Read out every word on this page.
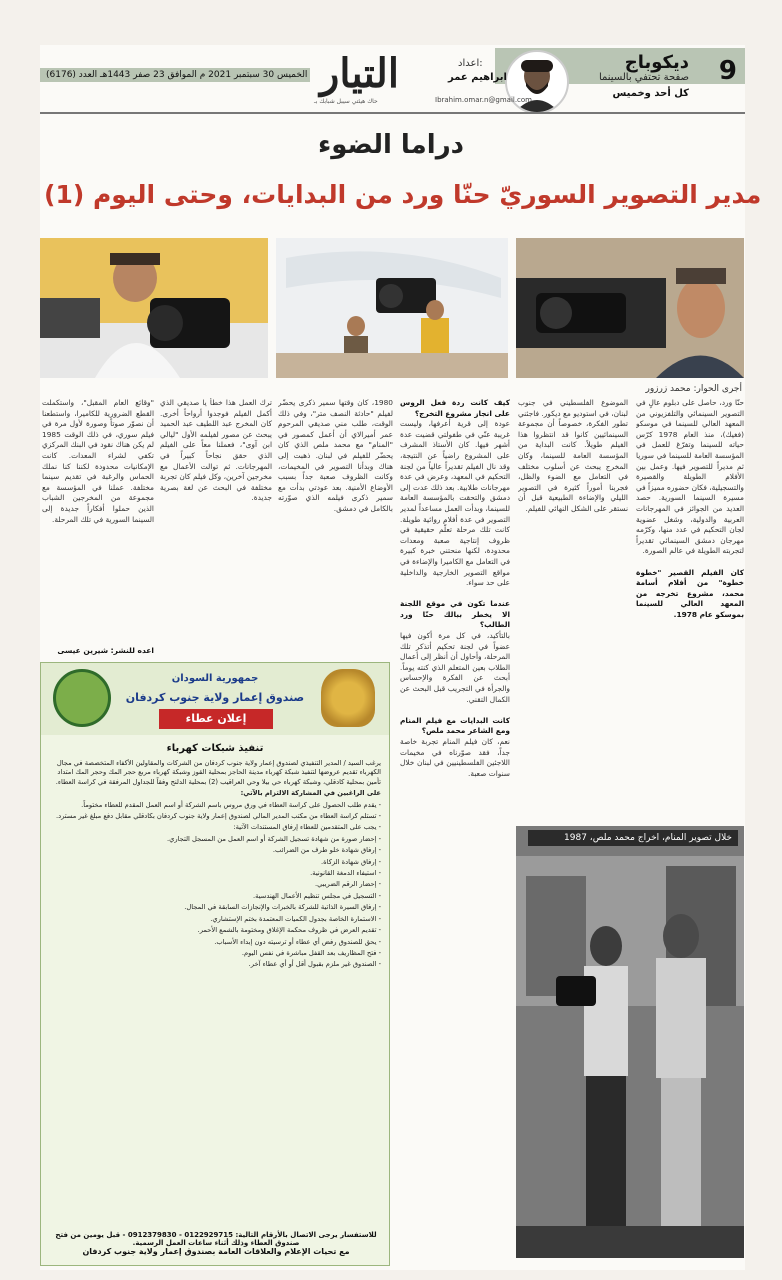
9
ديكوباج
صفحة تحتفي بالسينما
كل أحد وخميس
اعداد:
ابراهيم عمر
Ibrahim.omar.n@gmail.com
التيار
حاك هيئتي سيبل شبابك بـ
الخميس 30 سبتمبر 2021 م الموافق 23 صفر 1443هـ العدد (6176)
دراما الضوء
مدير التصوير السوريّ حنّا ورد من البدايات، وحتى اليوم (1)
أجرى الحوار: محمد زرزور
حنّا ورد، حاصل على دبلوم عالٍ في التصوير السينمائي والتلفزيوني من المعهد العالي للسينما في موسكو (فغيك)، منذ العام 1978 كرّس حياته للسينما وتفرّغ للعمل في المؤسسة العامة للسينما في سوريا ثم مديراً للتصوير فيها. وعمل بين الأفلام الطويلة والقصيرة والتسجيلية، فكان حضوره مميزاً في مسيرة السينما السورية. حصد العديد من الجوائز في المهرجانات العربية والدولية، وشغل عضوية لجان التحكيم في عدد منها، وكرّمه مهرجان دمشق السينمائي تقديراً لتجربته الطويلة في عالم الصورة.

كان الفيلم القصير "خطوة خطوة" من أفلام أسامة محمد، مشروع تخرجه من المعهد العالي للسينما بموسكو عام 1978.
الموضوع الفلسطيني في جنوب لبنان، في استوديو مع ديكور. فاجئني تطور الفكرة، خصوصاً أن مجموعة السينمائيين كانوا قد انتظروا هذا الفيلم طويلاً. كانت البداية من المؤسسة العامة للسينما، وكان المخرج يبحث عن أسلوب مختلف في التعامل مع الضوء والظل، فجربنا أموراً كثيرة في التصوير الليلي والإضاءة الطبيعية قبل أن نستقر على الشكل النهائي للفيلم.
كيف كانت ردة فعل الروس على انجاز مشروع التخرج؟
عودة إلى قرية أعرفها، وليست غريبة عنّي في طفولتي قضيت عدة أشهر فيها. كان الأستاذ المشرف على المشروع راضياً عن النتيجة، وقد نال الفيلم تقديراً عالياً من لجنة التحكيم في المعهد، وعرض في عدة مهرجانات طلابية. بعد ذلك عدت إلى دمشق والتحقت بالمؤسسة العامة للسينما، وبدأت العمل مساعداً لمدير التصوير في عدة أفلام روائية طويلة. كانت تلك مرحلة تعلّم حقيقية في ظروف إنتاجية صعبة ومعدات محدودة، لكنها منحتني خبرة كبيرة في التعامل مع الكاميرا والإضاءة في مواقع التصوير الخارجية والداخلية على حد سواء.

عندما تكون في موقع اللجنة الا يخطر ببالك حنّا ورد الطالب؟
بالتأكيد، في كل مرة أكون فيها عضواً في لجنة تحكيم أتذكر تلك المرحلة، وأحاول أن أنظر إلى أعمال الطلاب بعين المتعلم الذي كنته يوماً. أبحث عن الفكرة والإحساس والجرأة في التجريب قبل البحث عن الكمال التقني.

كانت البدايات مع فيلم المنام ومع الشاعر محمد ملص؟
نعم، كان فيلم المنام تجربة خاصة جداً، فقد صوّرناه في مخيمات اللاجئين الفلسطينيين في لبنان خلال سنوات صعبة.
1980، كان وقتها سمير ذكرى يحضّر لفيلم "حادثة النصف متر"، وفي ذلك الوقت، طلب مني صديقي المرحوم عمر أميرالاي أن أعمل كمصور في "المنام" مع محمد ملص الذي كان يحضّر للفيلم في لبنان. ذهبت إلى هناك وبدأنا التصوير في المخيمات، وكانت الظروف صعبة جداً بسبب الأوضاع الأمنية. بعد عودتي بدأت مع سمير ذكرى فيلمه الذي صوّرته بالكامل في دمشق.
ترك العمل هذا خطأ يا صديقي الذي أكمل الفيلم فوجدوا أرواحاً أخرى. كان المخرج عبد اللطيف عبد الحميد يبحث عن مصور لفيلمه الأول "ليالي ابن آوى"، فعملنا معاً على الفيلم الذي حقق نجاحاً كبيراً في المهرجانات. ثم توالت الأعمال مع مخرجين آخرين، وكل فيلم كان تجربة مختلفة في البحث عن لغة بصرية جديدة.
"وقائع العام المقبل"، واستكملت القطع الضرورية للكاميرا، واستطعنا أن نصوّر صوتاً وصورة لأول مرة في فيلم سوري، في ذلك الوقت 1985 لم يكن هناك نقود في البنك المركزي تكفي لشراء المعدات. كانت الإمكانيات محدودة لكننا كنا نملك الحماس والرغبة في تقديم سينما مختلفة. عملنا في المؤسسة مع مجموعة من المخرجين الشباب الذين حملوا أفكاراً جديدة إلى السينما السورية في تلك المرحلة.
اعده للنشر: شيرين عيسى
خلال تصوير المنام، اخراج محمد ملص، 1987
جمهورية السودان
صندوق إعمار ولاية جنوب كردفان
إعلان عطاء
تنفيذ شبكات كهرباء

يرغب السيد / المدير التنفيذي لصندوق إعمار ولاية جنوب كردفان من الشركات والمقاولين الأكفاء المتخصصة في مجال الكهرباء تقديم عروضها لتنفيذ شبكة كهرباء مدينة الحاجز بمحلية القوز وشبكة كهرباء مربع حجر المك وحجر المك امتداد تأمين بمحلية كادقلي، وشبكة كهرباء حي بيلا وحي العراقيب (2) بمحلية الدلنج وفقاً للجداول المرفقة في كراسة العطاء.

على الراغبين في المشاركة الالتزام بالآتي:

- يقدم طلب الحصول على كراسة العطاء في ورق مروس باسم الشركة أو اسم العمل المقدم للعطاء مختوماً.

- تستلم كراسة العطاء من مكتب المدير المالي لصندوق إعمار ولاية جنوب كردفان بكادقلي مقابل دفع مبلغ غير مسترد.

- يجب على المتقدمين للعطاء إرفاق المستندات الآتية:

- إحضار صورة من شهادة تسجيل الشركة أو اسم العمل من المسجل التجاري.

- إرفاق شهادة خلو طرف من الضرائب.

- إرفاق شهادة الزكاة.

- استيفاء الدمغة القانونية.

- إحضار الرقم الضريبي.

- التسجيل في مجلس تنظيم الأعمال الهندسية.

- إرفاق السيرة الذاتية للشركة بالخبرات والإنجازات السابقة في المجال.

- الاستمارة الخاصة بجدول الكميات المعتمدة بختم الإستشاري.

- تقديم العرض في ظروف محكمة الإغلاق ومختومة بالشمع الأحمر.

- يحق للصندوق رفض أي عطاء أو ترسيته دون إبداء الأسباب.

- فتح المظاريف بعد القفل مباشرة في نفس اليوم.

- الصندوق غير ملزم بقبول أقل أو أي عطاء آخر.

للاستفسار يرجى الاتصال بالأرقام التالية: 0122929715 - 0912379830 - قبل يومين من فتح صندوق العطاء وذلك أثناء ساعات العمل الرسمية.
مع تحيات الإعلام والعلاقات العامة بصندوق إعمار ولاية جنوب كردفان
